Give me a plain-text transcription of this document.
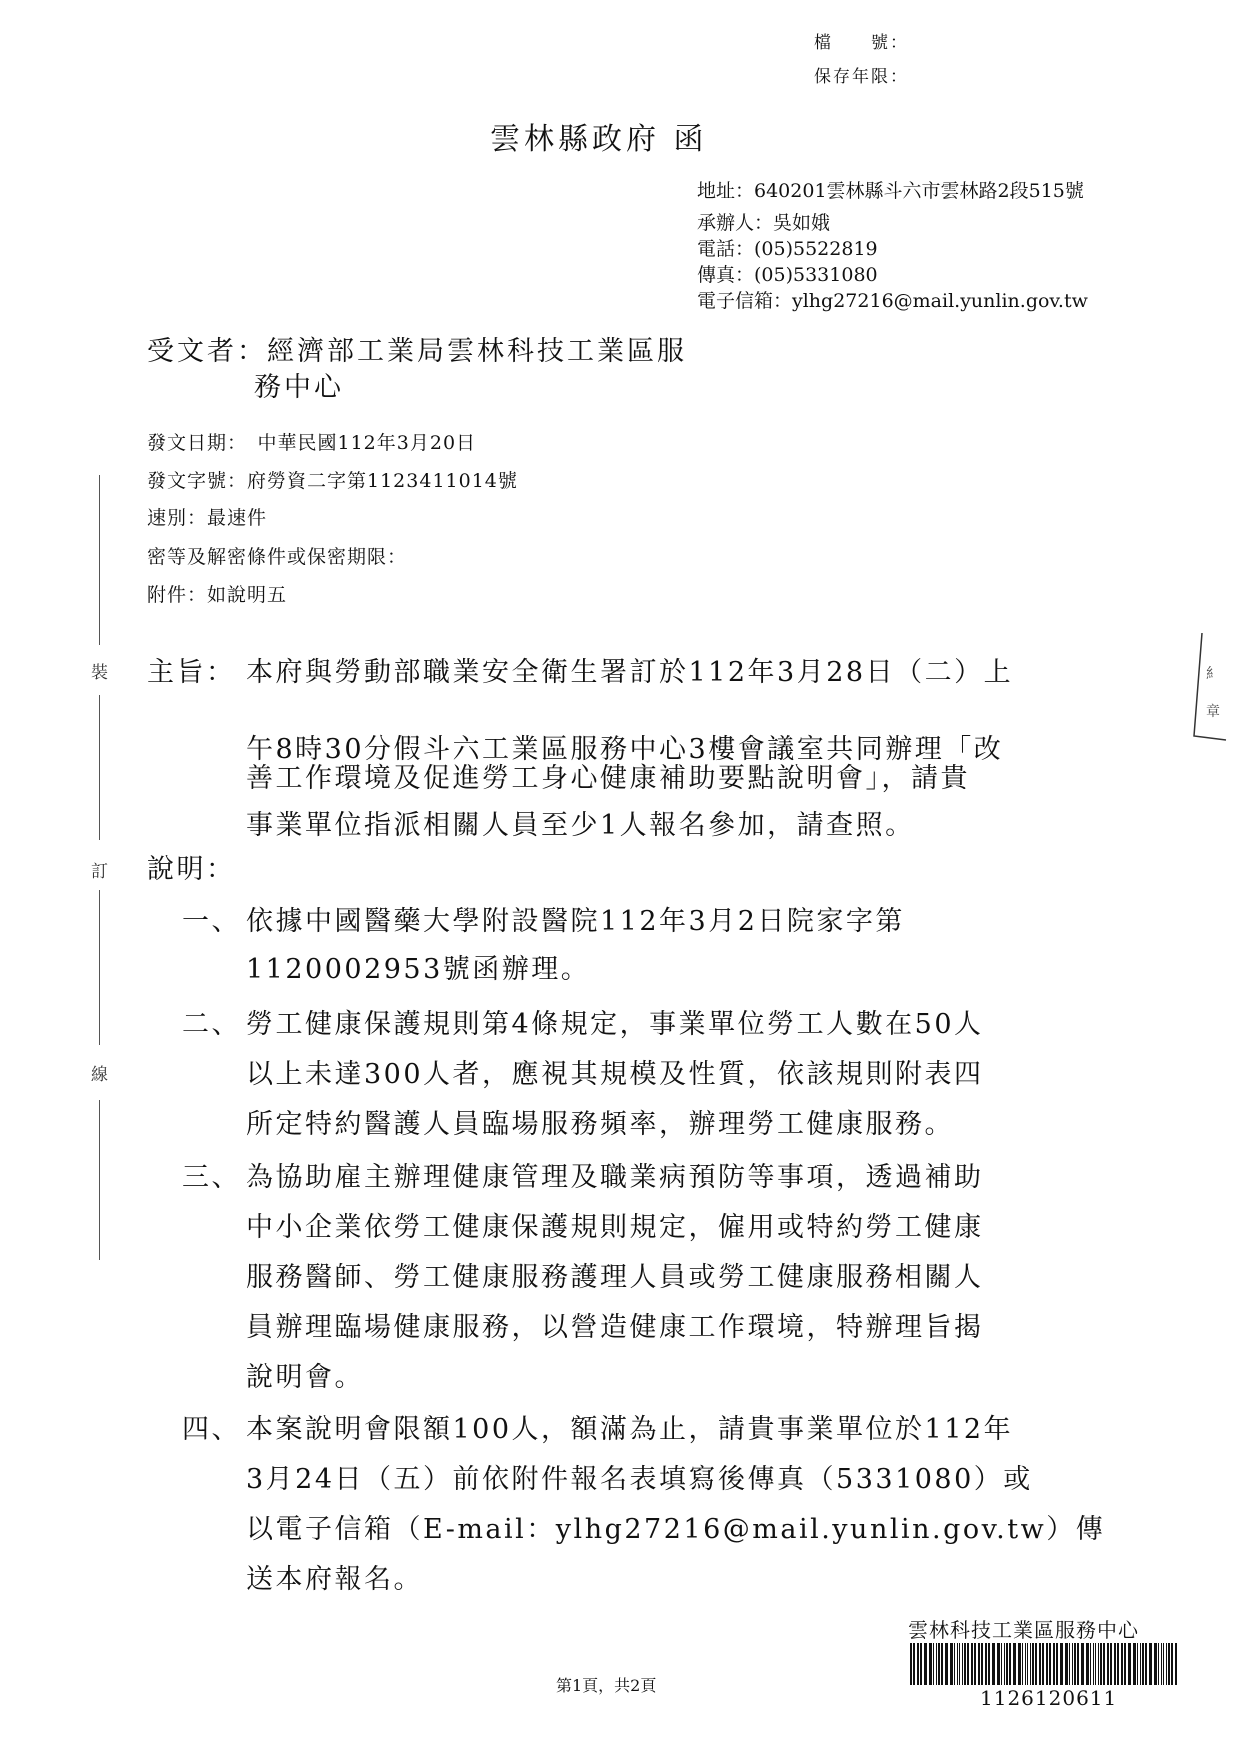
檔　　號：
保存年限：
雲林縣政府 函
地址：640201雲林縣斗六市雲林路2段515號
承辦人：吳如娥
電話：(05)5522819
傳真：(05)5331080
電子信箱：ylhg27216@mail.yunlin.gov.tw
受文者：經濟部工業局雲林科技工業區服
務中心
發文日期：　中華民國112年3月20日
發文字號：府勞資二字第1123411014號
速別：最速件
密等及解密條件或保密期限：
附件：如說明五
裝
訂
線
主旨： 本府與勞動部職業安全衛生署訂於112年3月28日（二）上
午8時30分假斗六工業區服務中心3樓會議室共同辦理「改
善工作環境及促進勞工身心健康補助要點說明會」，請貴
事業單位指派相關人員至少1人報名參加，請查照。
說明：
一、 依據中國醫藥大學附設醫院112年3月2日院家字第
1120002953號函辦理。
二、 勞工健康保護規則第4條規定，事業單位勞工人數在50人
以上未達300人者，應視其規模及性質，依該規則附表四
所定特約醫護人員臨場服務頻率，辦理勞工健康服務。
三、 為協助雇主辦理健康管理及職業病預防等事項，透過補助
中小企業依勞工健康保護規則規定，僱用或特約勞工健康
服務醫師、勞工健康服務護理人員或勞工健康服務相關人
員辦理臨場健康服務，以營造健康工作環境，特辦理旨揭
說明會。
四、 本案說明會限額100人，額滿為止，請貴事業單位於112年
3月24日（五）前依附件報名表填寫後傳真（5331080）或
以電子信箱（E-mail：ylhg27216@mail.yunlin.gov.tw）傳
送本府報名。
糹
章
雲林科技工業區服務中心
1126120611
第1頁，共2頁
